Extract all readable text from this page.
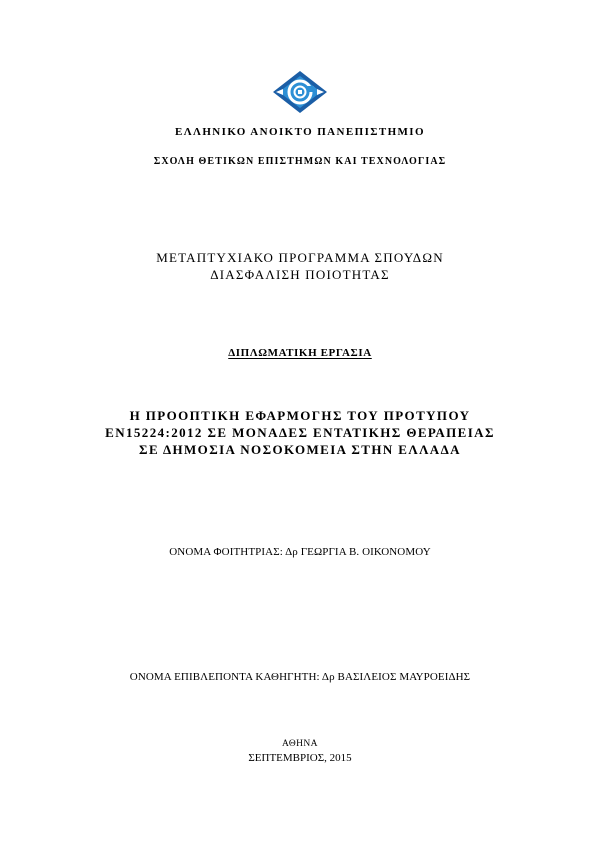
ΕΛΛΗΝΙΚΟ ΑΝΟΙΚΤΟ ΠΑΝΕΠΙΣΤΗΜΙΟ
ΣΧΟΛΗ ΘΕΤΙΚΩΝ ΕΠΙΣΤΗΜΩΝ ΚΑΙ ΤΕΧΝΟΛΟΓΙΑΣ
ΜΕΤΑΠΤΥΧΙΑΚΟ ΠΡΟΓΡΑΜΜΑ ΣΠΟΥΔΩΝ
ΔΙΑΣΦΑΛΙΣΗ ΠΟΙΟΤΗΤΑΣ
ΔΙΠΛΩΜΑΤΙΚΗ ΕΡΓΑΣΙΑ
Η ΠΡΟΟΠΤΙΚΗ ΕΦΑΡΜΟΓΗΣ ΤΟΥ ΠΡΟΤΥΠΟΥ
EN15224:2012 ΣΕ ΜΟΝΑΔΕΣ ΕΝΤΑΤΙΚΗΣ ΘΕΡΑΠΕΙΑΣ
ΣΕ ΔΗΜΟΣΙΑ ΝΟΣΟΚΟΜΕΙΑ ΣΤΗΝ ΕΛΛΑΔΑ
ΟΝΟΜΑ ΦΟΙΤΗΤΡΙΑΣ: Δρ ΓΕΩΡΓΙΑ Β. ΟΙΚΟΝΟΜΟΥ
ΟΝΟΜΑ ΕΠΙΒΛΕΠΟΝΤΑ ΚΑΘΗΓΗΤΗ: Δρ ΒΑΣΙΛΕΙΟΣ ΜΑΥΡΟΕΙΔΗΣ
ΑΘΗΝΑ
ΣΕΠΤΕΜΒΡΙΟΣ, 2015
